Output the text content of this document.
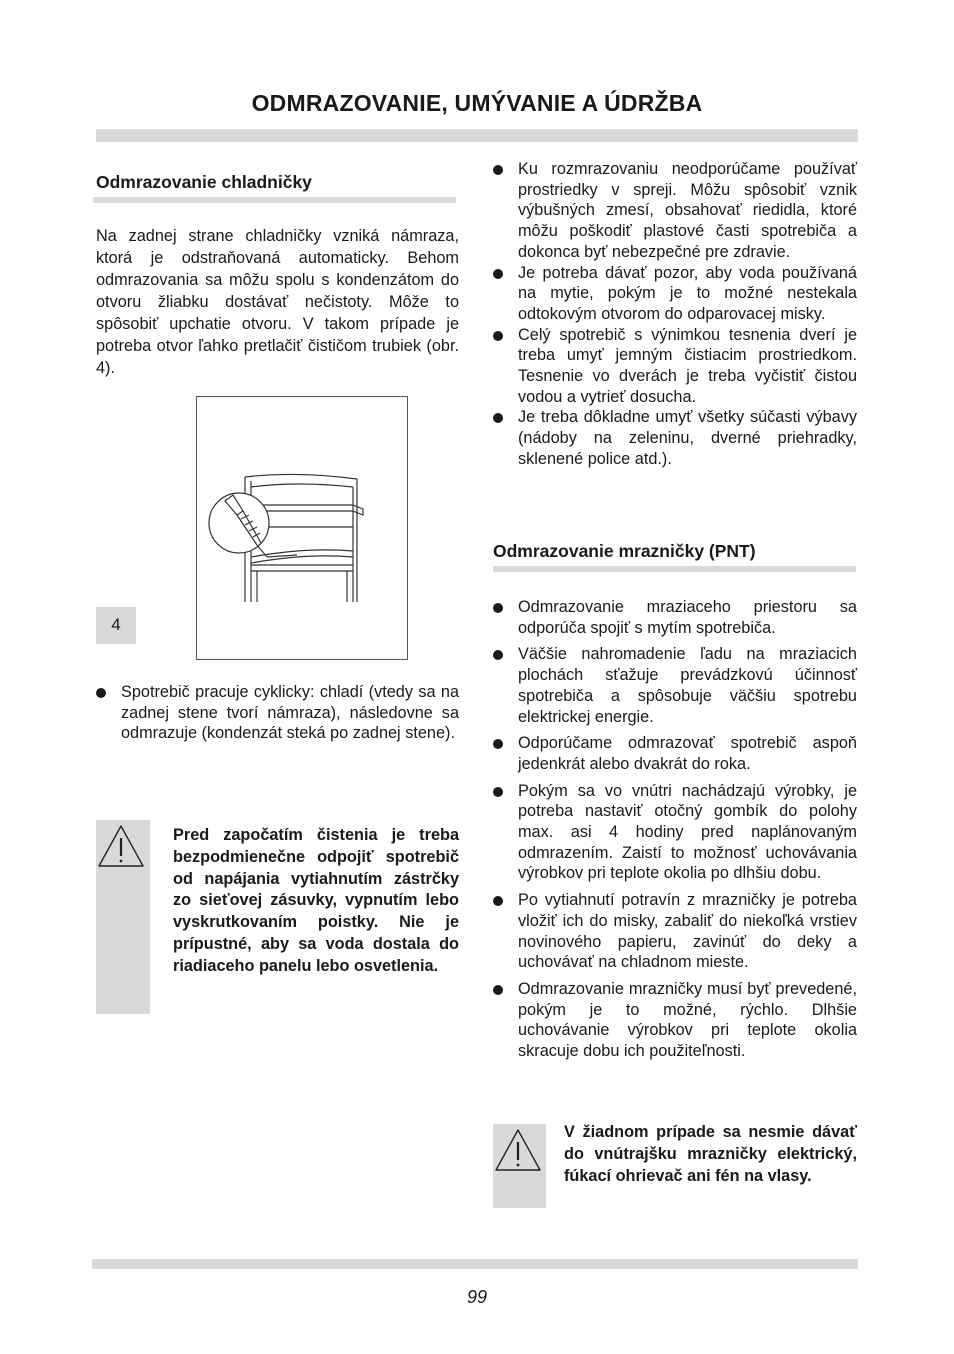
ODMRAZOVANIE, UMÝVANIE A ÚDRŽBA
Odmrazovanie chladničky
Na zadnej strane chladničky vzniká námraza, ktorá je odstraňovaná automaticky. Behom odmrazovania sa môžu spolu s kondenzátom do otvoru žliabku dostávať nečistoty. Môže to spôsobiť upchatie otvoru. V takom prípade je potreba otvor ľahko pretlačiť čističom trubiek (obr. 4).
4
Spotrebič pracuje cyklicky: chladí (vtedy sa na zadnej stene tvorí námraza), následovne sa odmrazuje (kondenzát steká po zadnej stene).
Pred započatím čistenia je treba bezpodmienečne odpojiť spotrebič od napájania vytiahnutím zástrčky zo sieťovej zásuvky, vypnutím lebo vyskrutkovaním poistky. Nie je prípustné, aby sa voda dostala do riadiaceho panelu lebo osvetlenia.
Ku rozmrazovaniu neodporúčame používať prostriedky v spreji. Môžu spôsobiť vznik výbušných zmesí, obsahovať riedidla, ktoré môžu poškodiť plastové časti spotrebiča a dokonca byť nebezpečné pre zdravie.
Je potreba dávať pozor, aby voda používaná na mytie, pokým je to možné nestekala odtokovým otvorom do odparovacej misky.
Celý spotrebič s výnimkou tesnenia dverí je treba umyť jemným čistiacim prostriedkom. Tesnenie vo dverách je treba vyčistiť čistou vodou a vytrieť dosucha.
Je treba dôkladne umyť všetky súčasti výbavy (nádoby na zeleninu, dverné priehradky, sklenené police atd.).
Odmrazovanie mrazničky (PNT)
Odmrazovanie mraziaceho priestoru sa odporúča spojiť s mytím spotrebiča.
Väčšie nahromadenie ľadu na mraziacich plochách sťažuje prevádzkovú účinnosť spotrebiča a spôsobuje väčšiu spotrebu elektrickej energie.
Odporúčame odmrazovať spotrebič aspoň jedenkrát alebo dvakrát do roka.
Pokým sa vo vnútri nachádzajú výrobky, je potreba nastaviť otočný gombík do polohy max. asi 4 hodiny pred naplánovaným odmrazením. Zaistí to možnosť uchovávania výrobkov pri teplote okolia po dlhšiu dobu.
Po vytiahnutí potravín z mrazničky je potreba vložiť ich do misky, zabaliť do niekoľká vrstiev novinového papieru, zavinúť do deky a uchovávať na chladnom mieste.
Odmrazovanie mrazničky musí byť prevedené, pokým je to možné, rýchlo. Dlhšie uchovávanie výrobkov pri teplote okolia skracuje dobu ich použiteľnosti.
V žiadnom prípade sa nesmie dávať do vnútrajšku mrazničky elektrický, fúkací ohrievač ani fén na vlasy.
99
